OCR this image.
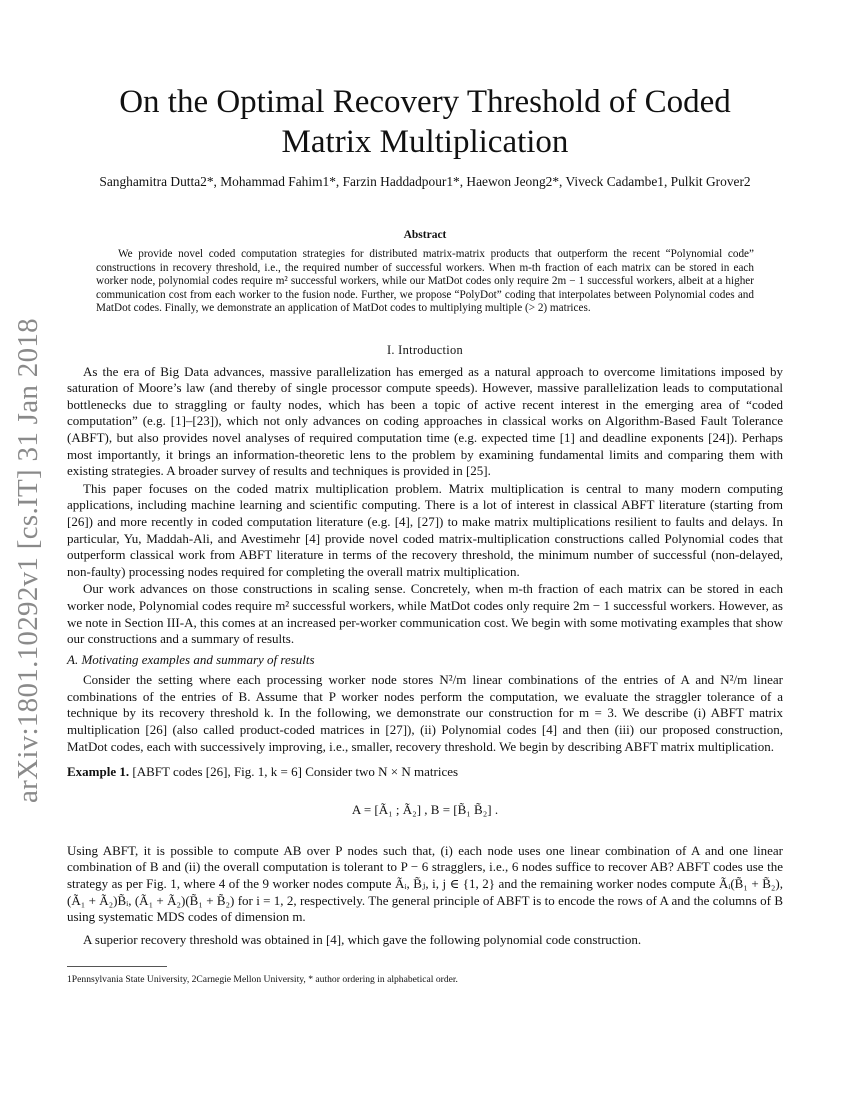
arXiv:1801.10292v1 [cs.IT] 31 Jan 2018
On the Optimal Recovery Threshold of Coded Matrix Multiplication
Sanghamitra Dutta2*, Mohammad Fahim1*, Farzin Haddadpour1*, Haewon Jeong2*, Viveck Cadambe1, Pulkit Grover2
Abstract

We provide novel coded computation strategies for distributed matrix-matrix products that outperform the recent “Polynomial code” constructions in recovery threshold, i.e., the required number of successful workers. When m-th fraction of each matrix can be stored in each worker node, polynomial codes require m² successful workers, while our MatDot codes only require 2m − 1 successful workers, albeit at a higher communication cost from each worker to the fusion node. Further, we propose “PolyDot” coding that interpolates between Polynomial codes and MatDot codes. Finally, we demonstrate an application of MatDot codes to multiplying multiple (> 2) matrices.

I. Introduction

As the era of Big Data advances, massive parallelization has emerged as a natural approach to overcome limitations imposed by saturation of Moore’s law (and thereby of single processor compute speeds). However, massive parallelization leads to computational bottlenecks due to straggling or faulty nodes, which has been a topic of active recent interest in the emerging area of “coded computation” (e.g. [1]–[23]), which not only advances on coding approaches in classical works on Algorithm-Based Fault Tolerance (ABFT), but also provides novel analyses of required computation time (e.g. expected time [1] and deadline exponents [24]). Perhaps most importantly, it brings an information-theoretic lens to the problem by examining fundamental limits and comparing them with existing strategies. A broader survey of results and techniques is provided in [25].

This paper focuses on the coded matrix multiplication problem. Matrix multiplication is central to many modern computing applications, including machine learning and scientific computing. There is a lot of interest in classical ABFT literature (starting from [26]) and more recently in coded computation literature (e.g. [4], [27]) to make matrix multiplications resilient to faults and delays. In particular, Yu, Maddah-Ali, and Avestimehr [4] provide novel coded matrix-multiplication constructions called Polynomial codes that outperform classical work from ABFT literature in terms of the recovery threshold, the minimum number of successful (non-delayed, non-faulty) processing nodes required for completing the overall matrix multiplication.

Our work advances on those constructions in scaling sense. Concretely, when m-th fraction of each matrix can be stored in each worker node, Polynomial codes require m² successful workers, while MatDot codes only require 2m − 1 successful workers. However, as we note in Section III-A, this comes at an increased per-worker communication cost. We begin with some motivating examples that show our constructions and a summary of results.

A. Motivating examples and summary of results

Consider the setting where each processing worker node stores N²/m linear combinations of the entries of A and N²/m linear combinations of the entries of B. Assume that P worker nodes perform the computation, we evaluate the straggler tolerance of a technique by its recovery threshold k. In the following, we demonstrate our construction for m = 3. We describe (i) ABFT matrix multiplication [26] (also called product-coded matrices in [27]), (ii) Polynomial codes [4] and then (iii) our proposed construction, MatDot codes, each with successively improving, i.e., smaller, recovery threshold. We begin by describing ABFT matrix multiplication.

Example 1. [ABFT codes [26], Fig. 1, k = 6] Consider two N × N matrices

A = [Ã₁ ; Ã₂] , B = [B̃₁ B̃₂] .

Using ABFT, it is possible to compute AB over P nodes such that, (i) each node uses one linear combination of A and one linear combination of B and (ii) the overall computation is tolerant to P − 6 stragglers, i.e., 6 nodes suffice to recover AB? ABFT codes use the strategy as per Fig. 1, where 4 of the 9 worker nodes compute Ãᵢ, B̃ⱼ, i, j ∈ {1, 2} and the remaining worker nodes compute Ãᵢ(B̃₁ + B̃₂), (Ã₁ + Ã₂)B̃ᵢ, (Ã₁ + Ã₂)(B̃₁ + B̃₂) for i = 1, 2, respectively. The general principle of ABFT is to encode the rows of A and the columns of B using systematic MDS codes of dimension m.

A superior recovery threshold was obtained in [4], which gave the following polynomial code construction.

1Pennsylvania State University, 2Carnegie Mellon University, * author ordering in alphabetical order.
